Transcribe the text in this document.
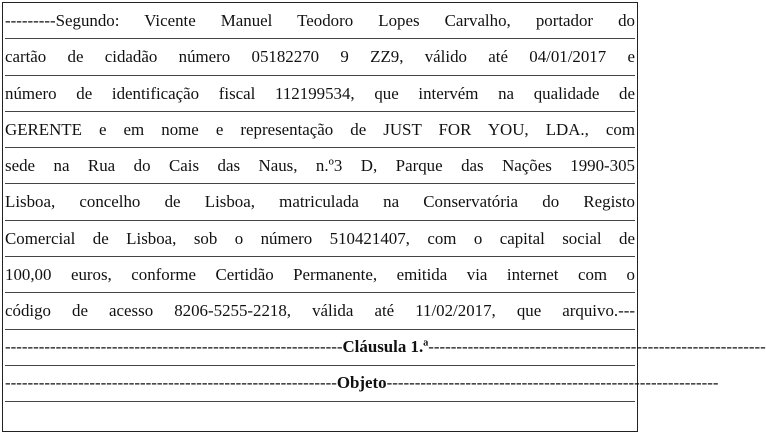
---------Segundo: Vicente Manuel Teodoro Lopes Carvalho, portador do
cartão de cidadão número 05182270 9 ZZ9, válido até 04/01/2017 e
número de identificação fiscal 112199534, que intervém na qualidade de
GERENTE e em nome e representação de JUST FOR YOU, LDA., com
sede na Rua do Cais das Naus, n.º3 D, Parque das Nações 1990-305
Lisboa, concelho de Lisboa, matriculada na Conservatória do Registo
Comercial de Lisboa, sob o número 510421407, com o capital social de
100,00 euros, conforme Certidão Permanente, emitida via internet com o
código de acesso 8206-5255-2218, válida até 11/02/2017, que arquivo.---
------------------------------------------------------------ Cláusula 1.ª ------------------------------------------------------------
----------------------------------------------------------- Objeto -----------------------------------------------------------
